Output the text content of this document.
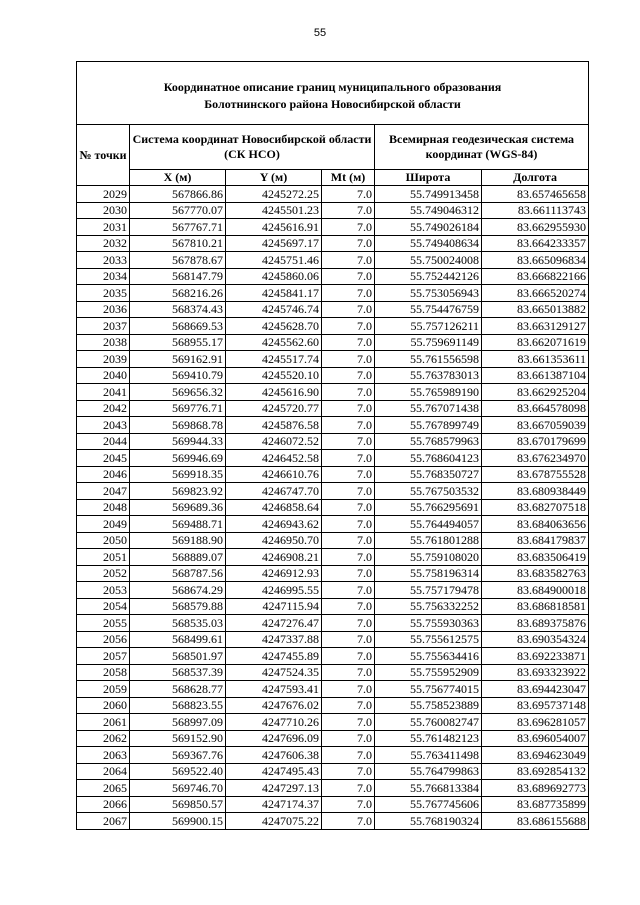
55
Координатное описание границ муниципального образования
Болотнинского района Новосибирской области					

№ точки	Система координат Новосибирской области (СК НСО)			Всемирная геодезическая система координат (WGS-84)	
	X (м)	Y (м)	Mt (м)	Широта	Долгота
2029	567866.86	4245272.25	7.0	55.749913458	83.657465658
2030	567770.07	4245501.23	7.0	55.749046312	83.661113743
2031	567767.71	4245616.91	7.0	55.749026184	83.662955930
2032	567810.21	4245697.17	7.0	55.749408634	83.664233357
2033	567878.67	4245751.46	7.0	55.750024008	83.665096834
2034	568147.79	4245860.06	7.0	55.752442126	83.666822166
2035	568216.26	4245841.17	7.0	55.753056943	83.666520274
2036	568374.43	4245746.74	7.0	55.754476759	83.665013882
2037	568669.53	4245628.70	7.0	55.757126211	83.663129127
2038	568955.17	4245562.60	7.0	55.759691149	83.662071619
2039	569162.91	4245517.74	7.0	55.761556598	83.661353611
2040	569410.79	4245520.10	7.0	55.763783013	83.661387104
2041	569656.32	4245616.90	7.0	55.765989190	83.662925204
2042	569776.71	4245720.77	7.0	55.767071438	83.664578098
2043	569868.78	4245876.58	7.0	55.767899749	83.667059039
2044	569944.33	4246072.52	7.0	55.768579963	83.670179699
2045	569946.69	4246452.58	7.0	55.768604123	83.676234970
2046	569918.35	4246610.76	7.0	55.768350727	83.678755528
2047	569823.92	4246747.70	7.0	55.767503532	83.680938449
2048	569689.36	4246858.64	7.0	55.766295691	83.682707518
2049	569488.71	4246943.62	7.0	55.764494057	83.684063656
2050	569188.90	4246950.70	7.0	55.761801288	83.684179837
2051	568889.07	4246908.21	7.0	55.759108020	83.683506419
2052	568787.56	4246912.93	7.0	55.758196314	83.683582763
2053	568674.29	4246995.55	7.0	55.757179478	83.684900018
2054	568579.88	4247115.94	7.0	55.756332252	83.686818581
2055	568535.03	4247276.47	7.0	55.755930363	83.689375876
2056	568499.61	4247337.88	7.0	55.755612575	83.690354324
2057	568501.97	4247455.89	7.0	55.755634416	83.692233871
2058	568537.39	4247524.35	7.0	55.755952909	83.693323922
2059	568628.77	4247593.41	7.0	55.756774015	83.694423047
2060	568823.55	4247676.02	7.0	55.758523889	83.695737148
2061	568997.09	4247710.26	7.0	55.760082747	83.696281057
2062	569152.90	4247696.09	7.0	55.761482123	83.696054007
2063	569367.76	4247606.38	7.0	55.763411498	83.694623049
2064	569522.40	4247495.43	7.0	55.764799863	83.692854132
2065	569746.70	4247297.13	7.0	55.766813384	83.689692773
2066	569850.57	4247174.37	7.0	55.767745606	83.687735899
2067	569900.15	4247075.22	7.0	55.768190324	83.686155688
